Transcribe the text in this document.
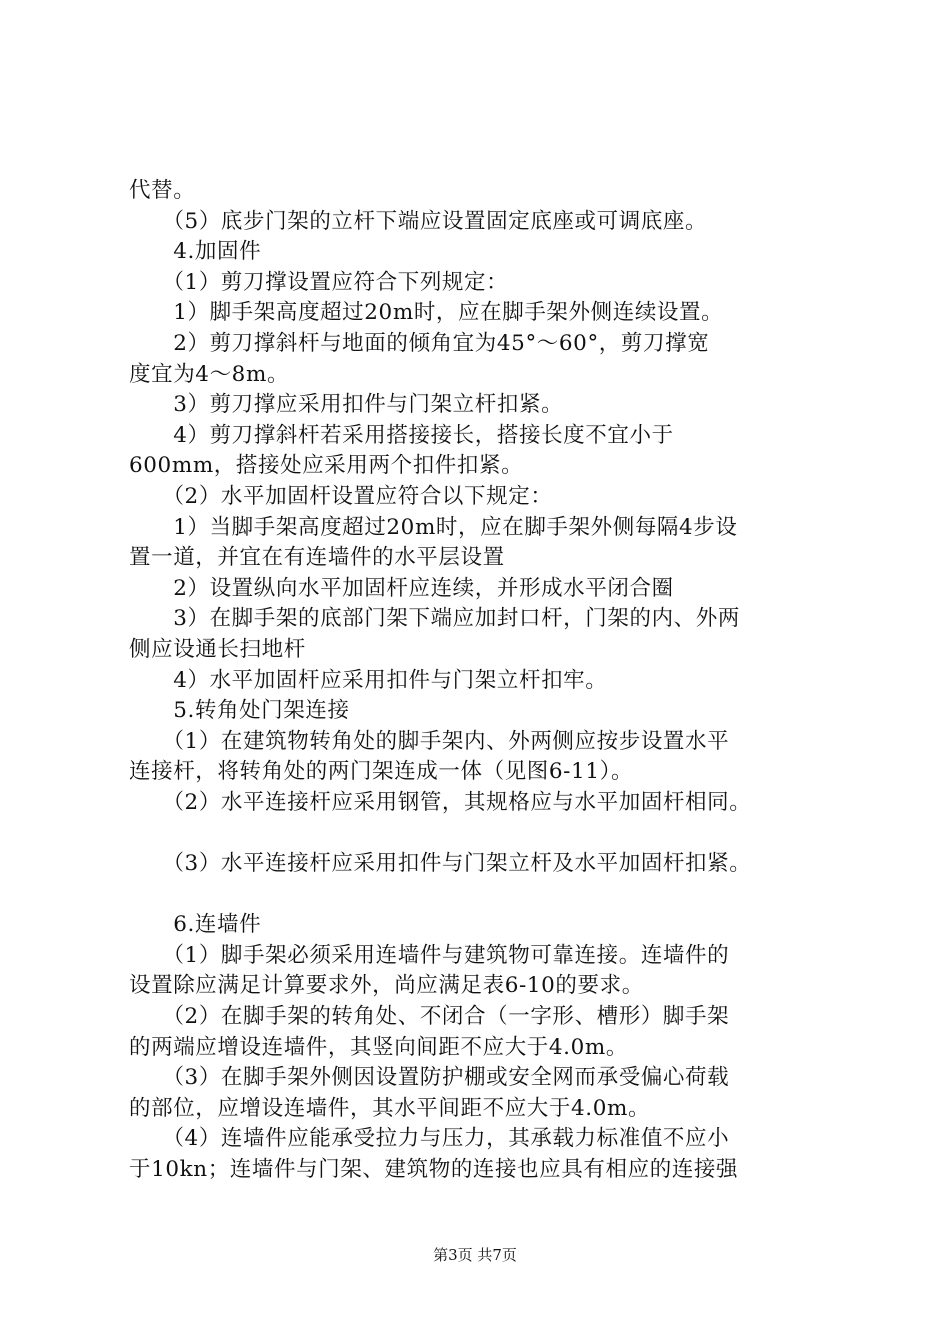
代替。
　　（5）底步门架的立杆下端应设置固定底座或可调底座。
　　4.加固件
　　（1）剪刀撑设置应符合下列规定：
　　1）脚手架高度超过20m时，应在脚手架外侧连续设置。
　　2）剪刀撑斜杆与地面的倾角宜为45°～60°，剪刀撑宽
度宜为4～8m。
　　3）剪刀撑应采用扣件与门架立杆扣紧。
　　4）剪刀撑斜杆若采用搭接接长，搭接长度不宜小于
600mm，搭接处应采用两个扣件扣紧。
　　（2）水平加固杆设置应符合以下规定：
　　1）当脚手架高度超过20m时，应在脚手架外侧每隔4步设
置一道，并宜在有连墙件的水平层设置
　　2）设置纵向水平加固杆应连续，并形成水平闭合圈
　　3）在脚手架的底部门架下端应加封口杆，门架的内、外两
侧应设通长扫地杆
　　4）水平加固杆应采用扣件与门架立杆扣牢。
　　5.转角处门架连接
　　（1）在建筑物转角处的脚手架内、外两侧应按步设置水平
连接杆，将转角处的两门架连成一体（见图6-11）。
　　（2）水平连接杆应采用钢管，其规格应与水平加固杆相同。
　　（3）水平连接杆应采用扣件与门架立杆及水平加固杆扣紧。
　　6.连墙件
　　（1）脚手架必须采用连墙件与建筑物可靠连接。连墙件的
设置除应满足计算要求外，尚应满足表6-10的要求。
　　（2）在脚手架的转角处、不闭合（一字形、槽形）脚手架
的两端应增设连墙件，其竖向间距不应大于4.0m。
　　（3）在脚手架外侧因设置防护棚或安全网而承受偏心荷载
的部位，应增设连墙件，其水平间距不应大于4.0m。
　　（4）连墙件应能承受拉力与压力，其承载力标准值不应小
于10kn；连墙件与门架、建筑物的连接也应具有相应的连接强
第3页 共7页
